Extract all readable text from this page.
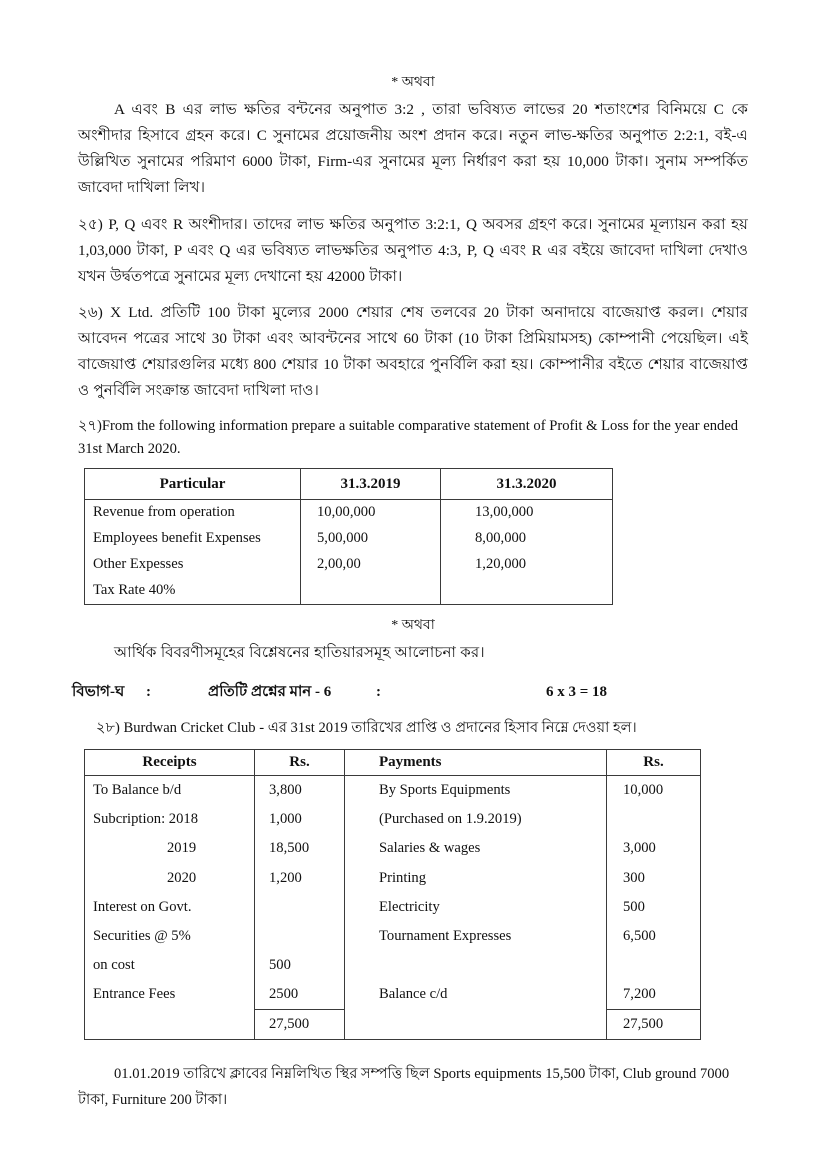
* অথবা

A এবং B এর লাভ ক্ষতির বন্টনের অনুপাত 3:2 , তারা ভবিষ্যত লাভের 20 শতাংশের বিনিময়ে C কে অংশীদার হিসাবে গ্রহন করে। C সুনামের প্রয়োজনীয় অংশ প্রদান করে। নতুন লাভ-ক্ষতির অনুপাত 2:2:1, বই-এ উল্লিখিত সুনামের পরিমাণ 6000 টাকা, Firm-এর সুনামের মূল্য নির্ধারণ করা হয় 10,000 টাকা। সুনাম সম্পর্কিত জাবেদা দাখিলা লিখ।

২৫) P, Q এবং R অংশীদার। তাদের লাভ ক্ষতির অনুপাত 3:2:1, Q অবসর গ্রহণ করে। সুনামের মূল্যায়ন করা হয় 1,03,000 টাকা, P এবং Q এর ভবিষ্যত লাভক্ষতির অনুপাত 4:3, P, Q এবং R এর বইয়ে জাবেদা দাখিলা দেখাও যখন উর্দ্বতপত্রে সুনামের মূল্য দেখানো হয় 42000 টাকা।

২৬) X Ltd. প্রতিটি 100 টাকা মুল্যের 2000 শেয়ার শেষ তলবের 20 টাকা অনাদায়ে বাজেয়াপ্ত করল। শেয়ার আবেদন পত্রের সাথে 30 টাকা এবং আবন্টনের সাথে 60 টাকা (10 টাকা প্রিমিয়ামসহ) কোম্পানী পেয়েছিল। এই বাজেয়াপ্ত শেয়ারগুলির মধ্যে 800 শেয়ার 10 টাকা অবহারে পুনর্বিলি করা হয়। কোম্পানীর বইতে শেয়ার বাজেয়াপ্ত ও পুনর্বিলি সংক্রান্ত জাবেদা দাখিলা দাও।

২৭)From the following information prepare a suitable comparative statement of Profit & Loss for the year ended 31st March 2020.

Particular	31.3.2019	31.3.2020
Revenue from operation	10,00,000	13,00,000
Employees benefit Expenses	5,00,000	8,00,000
Other Expesses	2,00,00	1,20,000
Tax Rate 40%		
* অথবা

আর্থিক বিবরণীসমূহের বিশ্লেষনের হাতিয়ারসমূহ আলোচনা কর।

বিভাগ-ঘ	:	প্রতিটি প্রশ্নের মান - 6	:	6 x 3 = 18

২৮) Burdwan Cricket Club - এর 31st 2019 তারিখের প্রাপ্তি ও প্রদানের হিসাব নিম্নে দেওয়া হল।

Receipts	Rs.	Payments	Rs.
To Balance b/d	3,800	By Sports Equipments	10,000
Subcription: 2018	1,000	(Purchased on 1.9.2019)	
2019	18,500	Salaries & wages	3,000
2020	1,200	Printing	300
Interest on Govt.		Electricity	500
Securities @ 5%		Tournament Expresses	6,500
on cost	500		
Entrance Fees	2500	Balance c/d	7,200
	27,500		27,500

01.01.2019 তারিখে ক্লাবের নিম্নলিখিত স্থির সম্পত্তি ছিল Sports equipments 15,500 টাকা, Club ground 7000 টাকা, Furniture 200 টাকা।
